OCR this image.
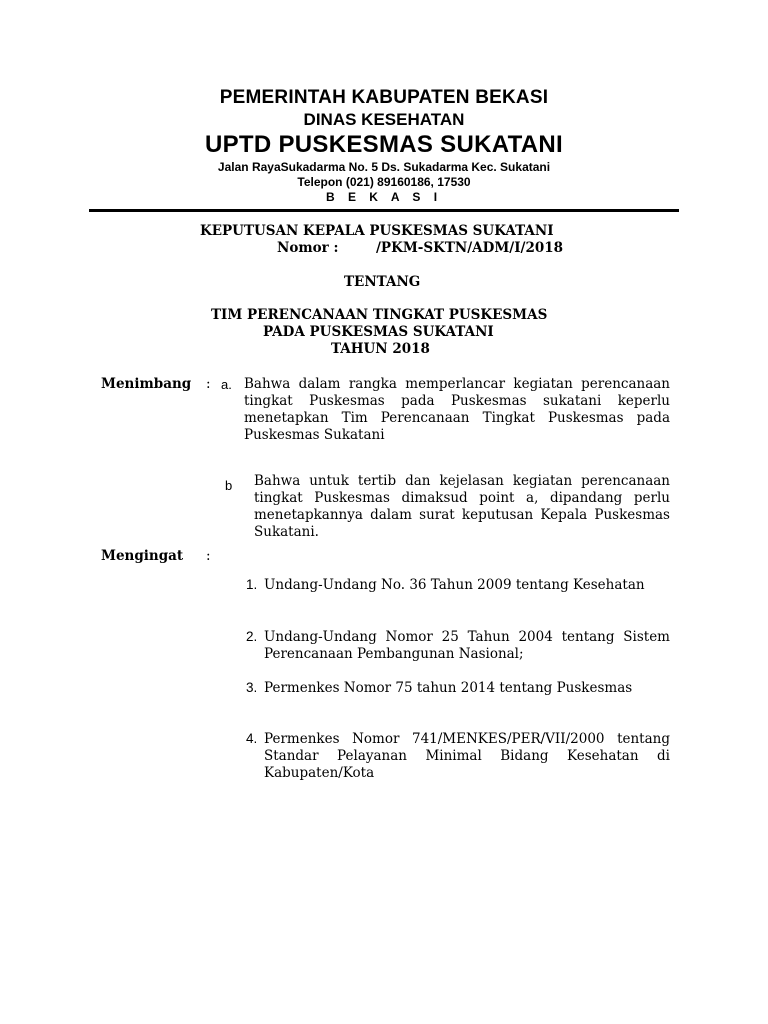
PEMERINTAH KABUPATEN BEKASI
DINAS KESEHATAN
UPTD PUSKESMAS SUKATANI
Jalan RayaSukadarma No. 5 Ds. Sukadarma Kec. Sukatani
Telepon (021) 89160186, 17530
B E K A S I
KEPUTUSAN KEPALA PUSKESMAS SUKATANI
Nomor :	/PKM-SKTN/ADM/I/2018
TENTANG
TIM PERENCANAAN TINGKAT PUSKESMAS
PADA PUSKESMAS SUKATANI
TAHUN 2018
Menimbang : a. Bahwa dalam rangka memperlancar kegiatan perencanaan tingkat Puskesmas pada Puskesmas sukatani keperlu menetapkan Tim Perencanaan Tingkat Puskesmas pada Puskesmas Sukatani
b Bahwa untuk tertib dan kejelasan kegiatan perencanaan tingkat Puskesmas dimaksud point a, dipandang perlu menetapkannya dalam surat keputusan Kepala Puskesmas Sukatani.
Mengingat :
1. Undang-Undang No. 36 Tahun 2009 tentang Kesehatan
2. Undang-Undang Nomor 25 Tahun 2004 tentang Sistem Perencanaan Pembangunan Nasional;
3. Permenkes Nomor 75 tahun 2014 tentang Puskesmas
4. Permenkes Nomor 741/MENKES/PER/VII/2000 tentang Standar Pelayanan Minimal Bidang Kesehatan di Kabupaten/Kota
